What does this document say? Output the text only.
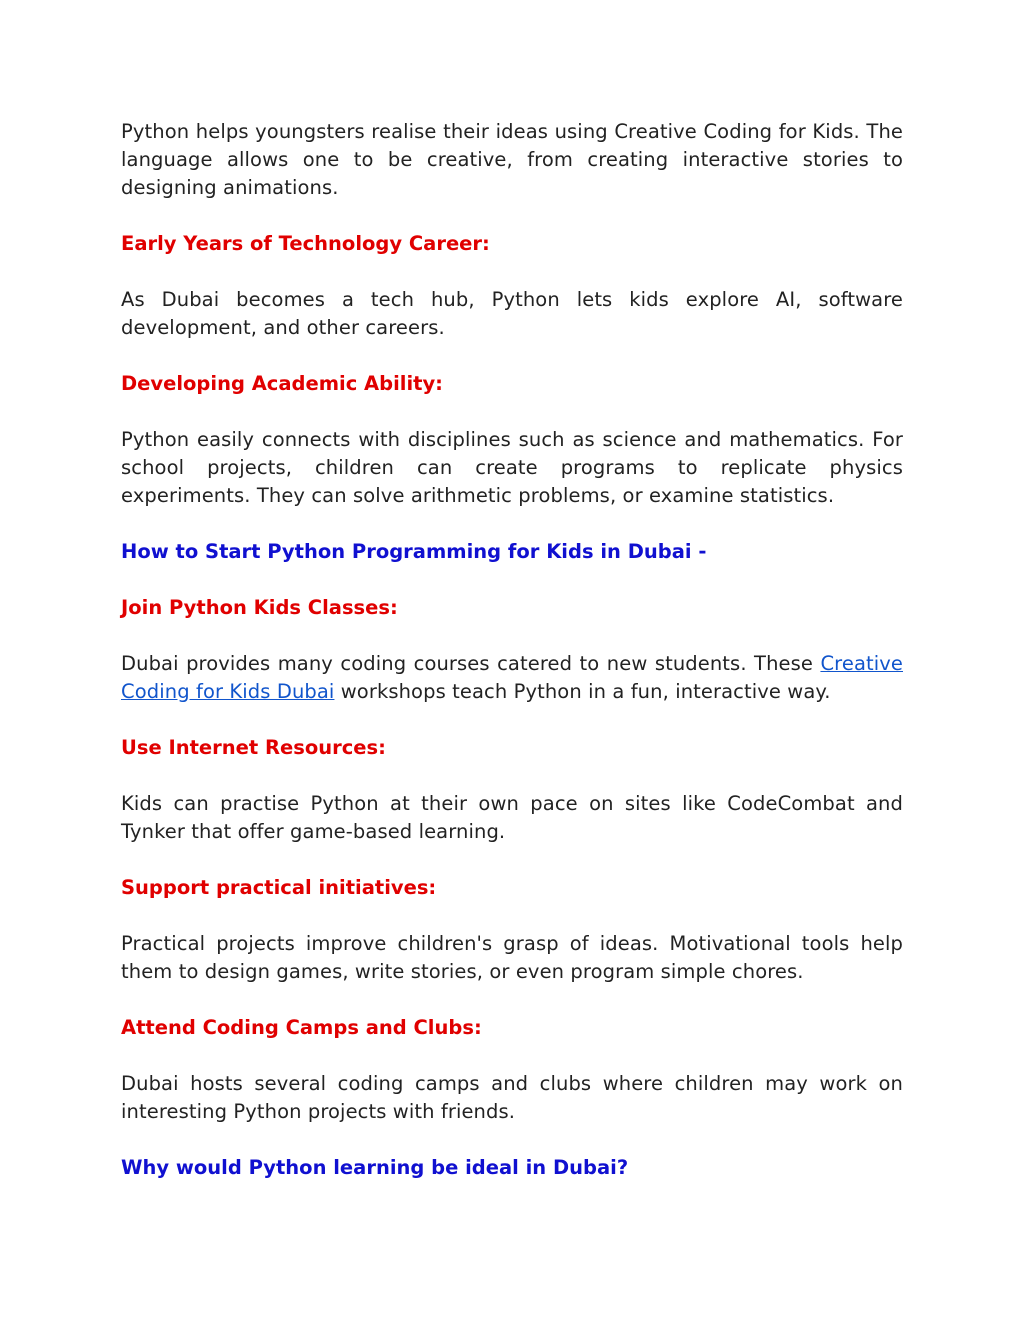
Python helps youngsters realise their ideas using Creative Coding for Kids. The language allows one to be creative, from creating interactive stories to designing animations.

Early Years of Technology Career:

As Dubai becomes a tech hub, Python lets kids explore AI, software development, and other careers.

Developing Academic Ability:

Python easily connects with disciplines such as science and mathematics. For school projects, children can create programs to replicate physics experiments. They can solve arithmetic problems, or examine statistics.

How to Start Python Programming for Kids in Dubai -

Join Python Kids Classes:

Dubai provides many coding courses catered to new students. These Creative Coding for Kids Dubai workshops teach Python in a fun, interactive way.

Use Internet Resources:

Kids can practise Python at their own pace on sites like CodeCombat and Tynker that offer game-based learning.

Support practical initiatives:

Practical projects improve children's grasp of ideas. Motivational tools help them to design games, write stories, or even program simple chores.

Attend Coding Camps and Clubs:

Dubai hosts several coding camps and clubs where children may work on interesting Python projects with friends.

Why would Python learning be ideal in Dubai?
